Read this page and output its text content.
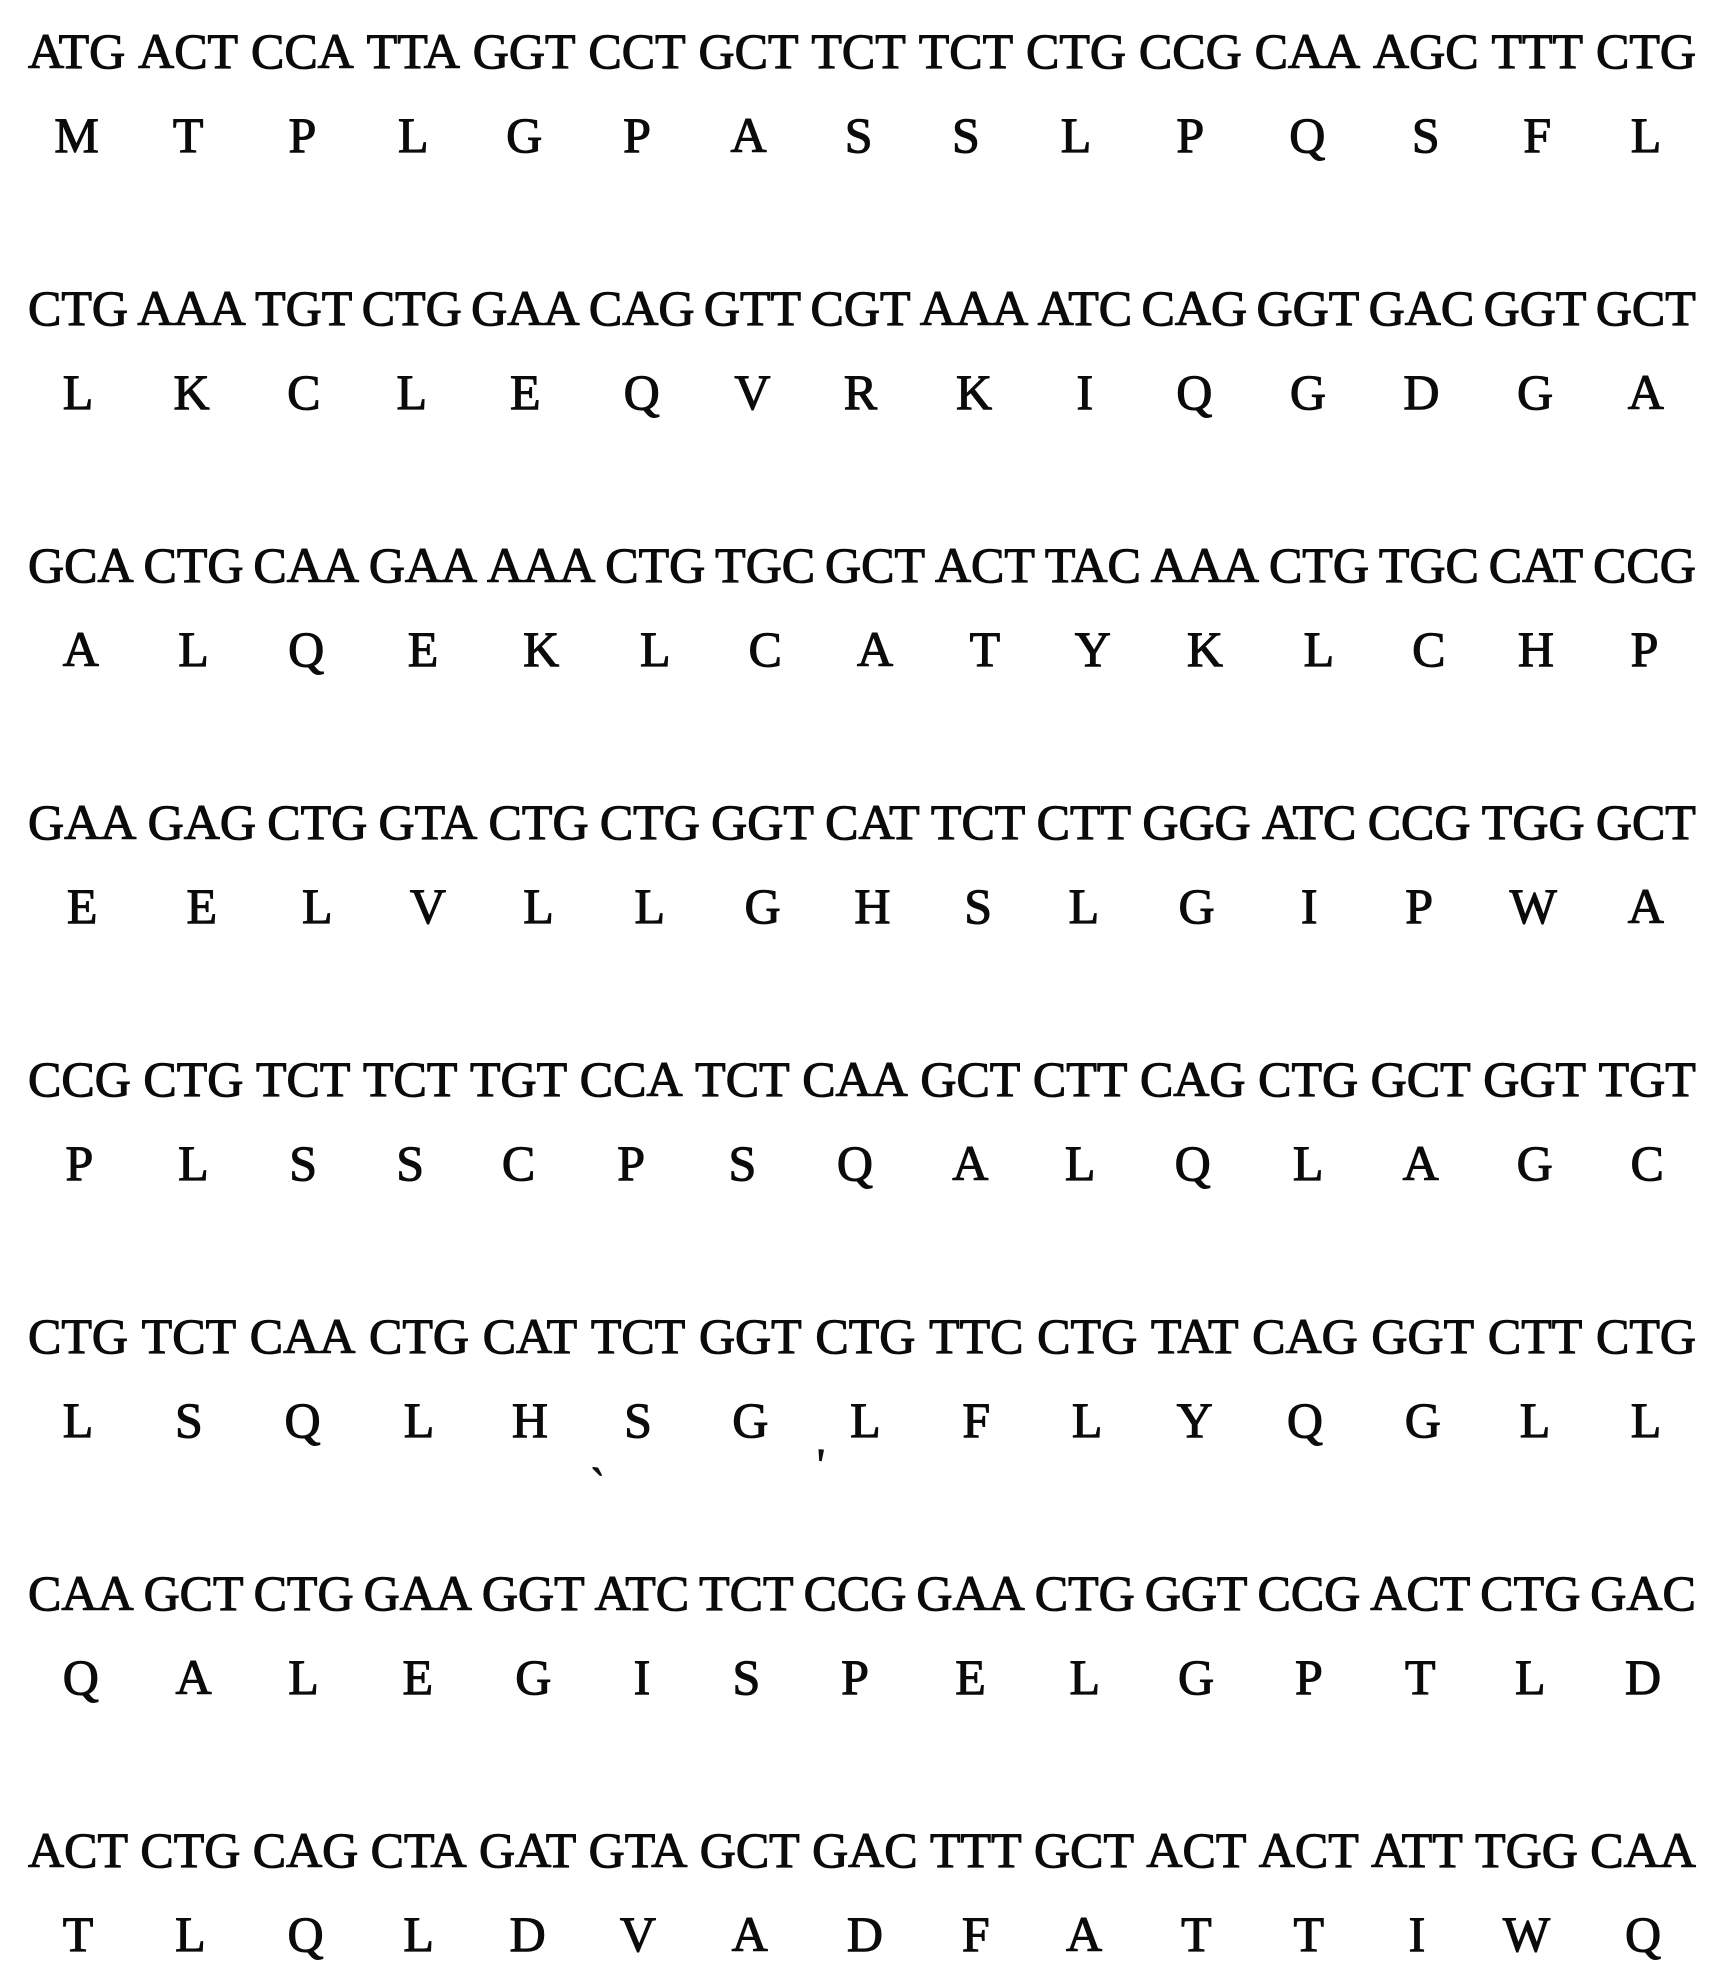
ATG
M
ACT
T
CCA
P
TTA
L
GGT
G
CCT
P
GCT
A
TCT
S
TCT
S
CTG
L
CCG
P
CAA
Q
AGC
S
TTT
F
CTG
L
CTG
L
AAA
K
TGT
C
CTG
L
GAA
E
CAG
Q
GTT
V
CGT
R
AAA
K
ATC
I
CAG
Q
GGT
G
GAC
D
GGT
G
GCT
A
GCA
A
CTG
L
CAA
Q
GAA
E
AAA
K
CTG
L
TGC
C
GCT
A
ACT
T
TAC
Y
AAA
K
CTG
L
TGC
C
CAT
H
CCG
P
GAA
E
GAG
E
CTG
L
GTA
V
CTG
L
CTG
L
GGT
G
CAT
H
TCT
S
CTT
L
GGG
G
ATC
I
CCG
P
TGG
W
GCT
A
CCG
P
CTG
L
TCT
S
TCT
S
TGT
C
CCA
P
TCT
S
CAA
Q
GCT
A
CTT
L
CAG
Q
CTG
L
GCT
A
GGT
G
TGT
C
CTG
L
TCT
S
CAA
Q
CTG
L
CAT
H
TCT
S
GGT
G
CTG
L
TTC
F
CTG
L
TAT
Y
CAG
Q
GGT
G
CTT
L
CTG
L
CAA
Q
GCT
A
CTG
L
GAA
E
GGT
G
ATC
I
TCT
S
CCG
P
GAA
E
CTG
L
GGT
G
CCG
P
ACT
T
CTG
L
GAC
D
ACT
T
CTG
L
CAG
Q
CTA
L
GAT
D
GTA
V
GCT
A
GAC
D
TTT
F
GCT
A
ACT
T
ACT
T
ATT
I
TGG
W
CAA
Q
`	'
